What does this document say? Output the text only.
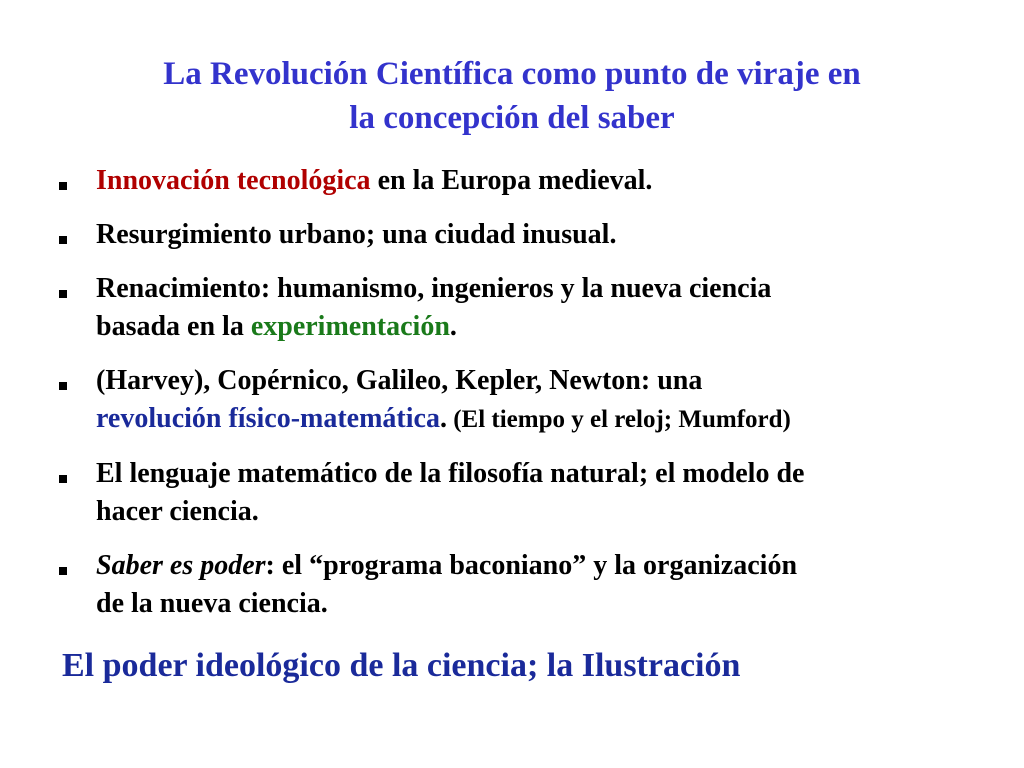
La Revolución Científica como punto de viraje en
la concepción del saber
Innovación tecnológica en la Europa medieval.
Resurgimiento urbano; una ciudad inusual.
Renacimiento: humanismo, ingenieros y la nueva ciencia
basada en la experimentación.
(Harvey), Copérnico, Galileo, Kepler, Newton: una
revolución físico-matemática. (El tiempo y el reloj; Mumford)
El lenguaje matemático de la filosofía natural; el modelo de
hacer ciencia.
Saber es poder: el “programa baconiano” y la organización
de la nueva ciencia.
El poder ideológico de la ciencia; la Ilustración
